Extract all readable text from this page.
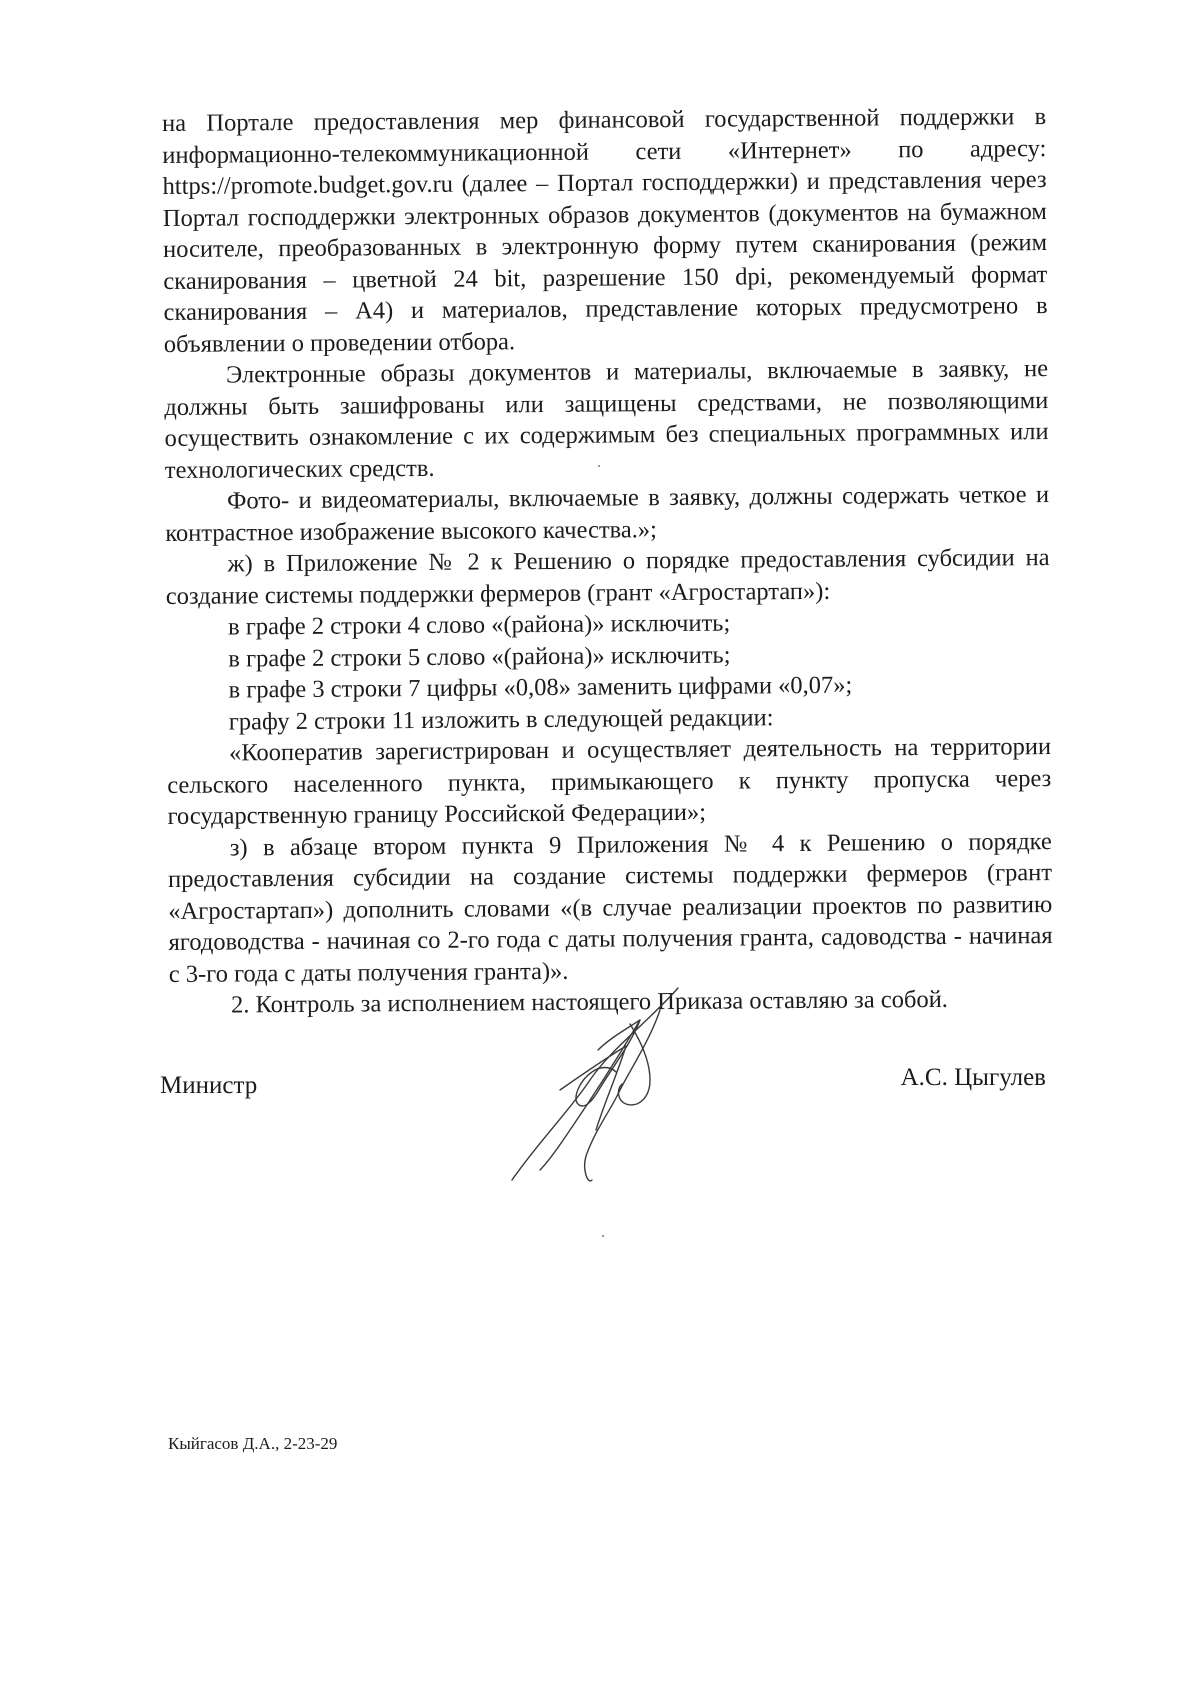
на Портале предоставления мер финансовой государственной поддержки в информационно-телекоммуникационной сети «Интернет» по адресу: https://promote.budget.gov.ru (далее – Портал господдержки) и представления через Портал господдержки электронных образов документов (документов на бумажном носителе, преобразованных в электронную форму путем сканирования (режим сканирования – цветной 24 bit, разрешение 150 dpi, рекомендуемый формат сканирования – А4) и материалов, представление которых предусмотрено в объявлении о проведении отбора.

Электронные образы документов и материалы, включаемые в заявку, не должны быть зашифрованы или защищены средствами, не позволяющими осуществить ознакомление с их содержимым без специальных программных или технологических средств.

Фото- и видеоматериалы, включаемые в заявку, должны содержать четкое и контрастное изображение высокого качества.»;

ж) в Приложение № 2 к Решению о порядке предоставления субсидии на создание системы поддержки фермеров (грант «Агростартап»):

в графе 2 строки 4 слово «(района)» исключить;

в графе 2 строки 5 слово «(района)» исключить;

в графе 3 строки 7 цифры «0,08» заменить цифрами «0,07»;

графу 2 строки 11 изложить в следующей редакции:

«Кооператив зарегистрирован и осуществляет деятельность на территории сельского населенного пункта, примыкающего к пункту пропуска через государственную границу Российской Федерации»;

з) в абзаце втором пункта 9 Приложения № 4 к Решению о порядке предоставления субсидии на создание системы поддержки фермеров (грант «Агростартап») дополнить словами «(в случае реализации проектов по развитию ягодоводства - начиная со 2-го года с даты получения гранта, садоводства - начиная с 3-го года с даты получения гранта)».

2. Контроль за исполнением настоящего Приказа оставляю за собой.

Министр	А.С. Цыгулев
Кыйгасов Д.А., 2-23-29
